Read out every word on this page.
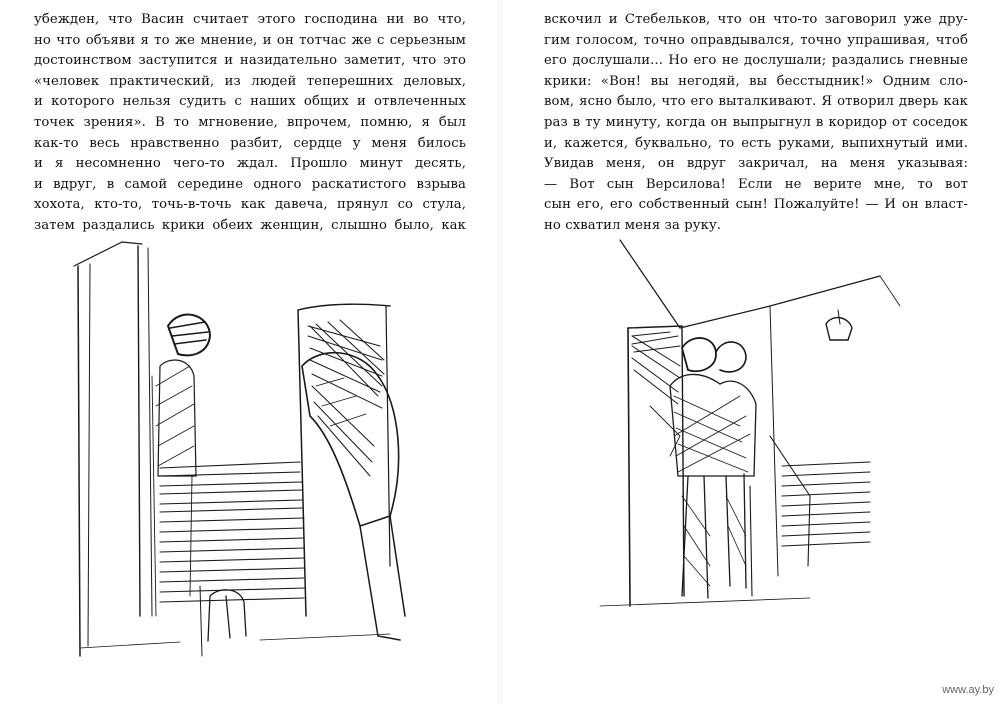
убежден, что Васин считает этого господина ни во что,
но что объяви я то же мнение, и он тотчас же с серьезным
достоинством заступится и назидательно заметит, что это
«человек практический, из людей теперешних деловых,
и которого нельзя судить с наших общих и отвлеченных
точек зрения». В то мгновение, впрочем, помню, я был
как-то весь нравственно разбит, сердце у меня билось
и я несомненно чего-то ждал. Прошло минут десять,
и вдруг, в самой середине одного раскатистого взрыва
хохота, кто-то, точь-в-точь как давеча, прянул со стула,
затем раздались крики обеих женщин, слышно было, как
вскочил и Стебельков, что он что-то заговорил уже дру-
гим голосом, точно оправдывался, точно упрашивая, чтоб
его дослушали... Но его не дослушали; раздались гневные
крики: «Вон! вы негодяй, вы бесстыдник!» Одним сло-
вом, ясно было, что его выталкивают. Я отворил дверь как
раз в ту минуту, когда он выпрыгнул в коридор от соседок
и, кажется, буквально, то есть руками, выпихнутый ими.
Увидав меня, он вдруг закричал, на меня указывая:
— Вот сын Версилова! Если не верите мне, то вот
сын его, его собственный сын! Пожалуйте! — И он власт-
но схватил меня за руку.
www.ay.by
